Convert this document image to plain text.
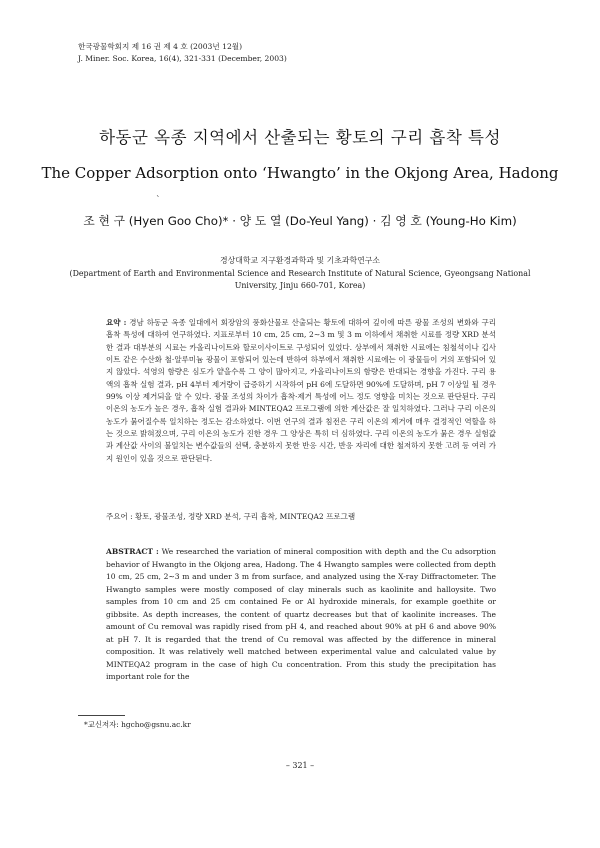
한국광물학회지 제 16 권 제 4 호 (2003년 12월)
J. Miner. Soc. Korea, 16(4), 321-331 (December, 2003)
하동군 옥종 지역에서 산출되는 황토의 구리 흡착 특성
The Copper Adsorption onto ‘Hwangto’ in the Okjong Area, Hadong
`
조 현 구 (Hyen Goo Cho)* · 양 도 열 (Do-Yeul Yang) · 김 영 호 (Young-Ho Kim)
경상대학교 지구환경과학과 및 기초과학연구소
(Department of Earth and Environmental Science and Research Institute of Natural Science, Gyeongsang National
University, Jinju 660-701, Korea)
요약 : 경남 하동군 옥종 일대에서 회장암의 풍화산물로 산출되는 황토에 대하여 깊이에 따른 광물 조성의 변화와 구리 흡착 특성에 대하여 연구하였다. 지표로부터 10 cm, 25 cm, 2∼3 m 및 3 m 이하에서 채취한 시료를 정량 XRD 분석한 결과 대부분의 시료는 카올리나이트와 할로이사이트로 구성되어 있었다. 상부에서 채취한 시료에는 침철석이나 깁사이트 같은 수산화 철·알루미늄 광물이 포함되어 있는데 반하여 하부에서 채취한 시료에는 이 광물들이 거의 포함되어 있지 않았다. 석영의 함량은 심도가 얕을수록 그 양이 많아지고, 카올리나이트의 함량은 반대되는 경향을 가진다. 구리 용액의 흡착 실험 결과, pH 4부터 제거량이 급증하기 시작하여 pH 6에 도달하면 90%에 도달하며, pH 7 이상일 될 경우 99% 이상 제거되을 알 수 있다. 광물 조성의 차이가 흡착·제거 특성에 어느 정도 영향을 미치는 것으로 판단된다. 구리 이온의 농도가 높은 경우, 흡착 실험 결과와 MINTEQA2 프로그램에 의한 계산값은 잘 일치하였다. 그러나 구리 이온의 농도가 묽어질수록 일치하는 정도는 감소하였다. 이번 연구의 결과 침전은 구리 이온의 제거에 매우 결정적인 역할을 하는 것으로 밝혀졌으며, 구리 이온의 농도가 진한 경우 그 양상은 특히 더 심하였다. 구리 이온의 농도가 묽은 경우 실험값과 계산값 사이의 불일치는 변수값들의 선택, 충분하지 못한 반응 시간, 반응 자리에 대한 철저하지 못한 고려 등 여러 가지 원인이 있을 것으로 판단된다.
주요어 : 황토, 광물조성, 정량 XRD 분석, 구리 흡착, MINTEQA2 프로그램
ABSTRACT : We researched the variation of mineral composition with depth and the Cu adsorption behavior of Hwangto in the Okjong area, Hadong. The 4 Hwangto samples were collected from depth 10 cm, 25 cm, 2∼3 m and under 3 m from surface, and analyzed using the X-ray Diffractometer. The Hwangto samples were mostly composed of clay minerals such as kaolinite and halloysite. Two samples from 10 cm and 25 cm contained Fe or Al hydroxide minerals, for example goethite or gibbsite. As depth increases, the content of quartz decreases but that of kaolinite increases. The amount of Cu removal was rapidly rised from pH 4, and reached about 90% at pH 6 and above 90% at pH 7. It is regarded that the trend of Cu removal was affected by the difference in mineral composition. It was relatively well matched between experimental value and calculated value by MINTEQA2 program in the case of high Cu concentration. From this study the precipitation has important role for the
*교신저자: hgcho@gsnu.ac.kr
– 321 –
